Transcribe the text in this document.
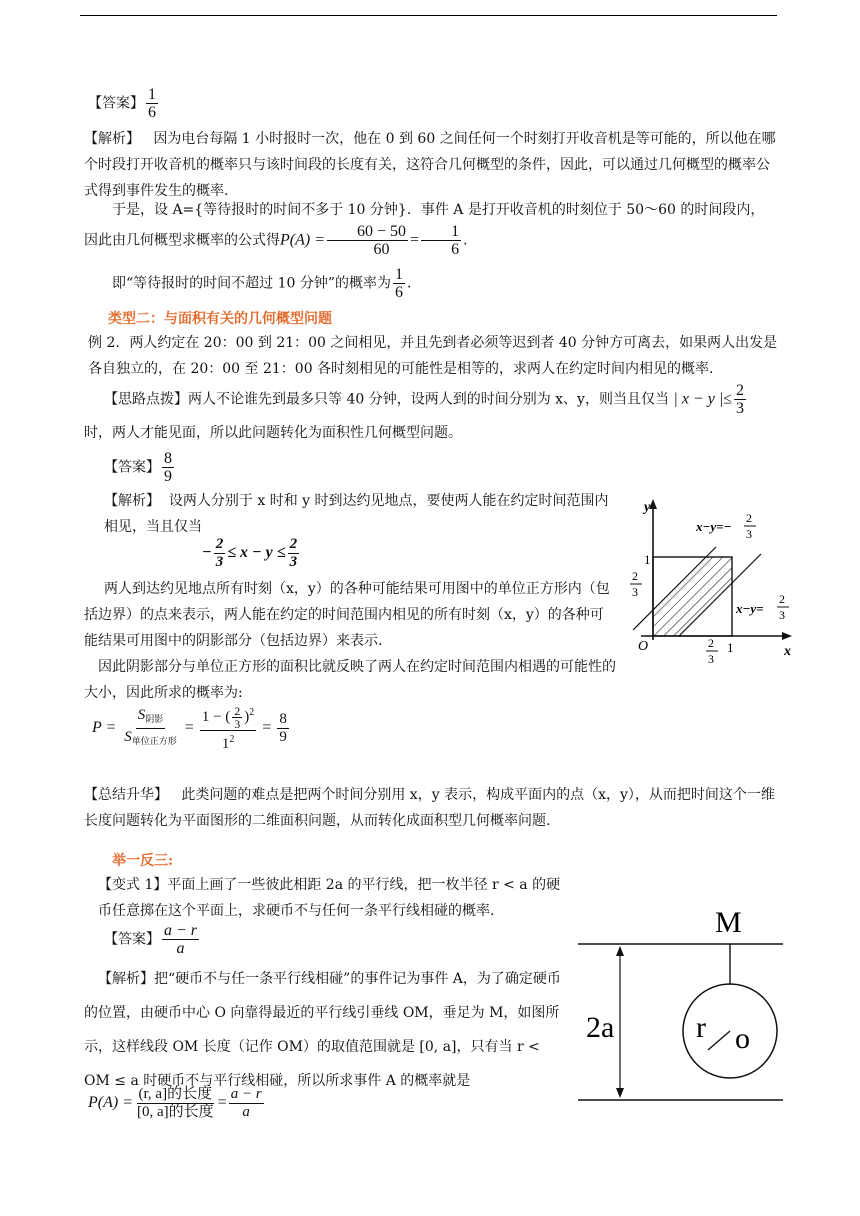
【答案】 $\frac{1}{6}$
【解析】 因为电台每隔 1 小时报时一次，他在 0 到 60 之间任何一个时刻打开收音机是等可能的，所以他在哪个时段打开收音机的概率只与该时间段的长度有关，这符合几何概型的条件，因此，可以通过几何概型的概率公式得到事件发生的概率.
于是，设 A={等待报时的时间不多于 10 分钟}．事件 A 是打开收音机的时刻位于 50～60 的时间段内，因此由几何概型求概率的公式得$P(A) = \frac{60 - 50}{60} = \frac{1}{6}$ .
即“等待报时的时间不超过 10 分钟”的概率为 $\frac{1}{6}$ .
类型二：与面积有关的几何概型问题
例 2．两人约定在 20：00 到 21：00 之间相见，并且先到者必须等迟到者 40 分钟方可离去，如果两人出发是各自独立的，在 20：00 至 21：00 各时刻相见的可能性是相等的，求两人在约定时间内相见的概率.
【思路点拨】两人不论谁先到最多只等 40 分钟，设两人到的时间分别为 x、y，则当且仅当 | x − y |≤ $\frac{2}{3}$
时，两人才能见面，所以此问题转化为面积性几何概型问题。
【答案】 $\frac{8}{9}$
【解析】 设两人分别于 x 时和 y 时到达约见地点，要使两人能在约定时间范围内相见，当且仅当
− $\frac{2}{3} \le x - y \le \frac{2}{3}$
两人到达约见地点所有时刻（x，y）的各种可能结果可用图中的单位正方形内（包括边界）的点来表示，两人能在约定的时间范围内相见的所有时刻（x，y）的各种可能结果可用图中的阴影部分（包括边界）来表示.
因此阴影部分与单位正方形的面积比就反映了两人在约定时间范围内相遇的可能性的大小，因此所求的概率为:
$P = \frac{S_{阴影}}{S_{单位正方形}} = \frac{1 - ( \frac{2}{3} )^2}{1^2} = \frac{8}{9}$
y
x
O
1
1
2
3
2
3
x−y=−
2
3
x−y=
2
3
【总结升华】 此类问题的难点是把两个时间分别用 x，y 表示，构成平面内的点（x，y），从而把时间这个一维长度问题转化为平面图形的二维面积问题，从而转化成面积型几何概率问题.
举一反三:
【变式 1】平面上画了一些彼此相距 2a 的平行线，把一枚半径 r < a 的硬币任意掷在这个平面上，求硬币不与任何一条平行线相碰的概率.
【答案】 $\frac{a - r}{a}$
【解析】把“硬币不与任一条平行线相碰”的事件记为事件 A，为了确定硬币的位置，由硬币中心 O 向靠得最近的平行线引垂线 OM，垂足为 M，如图所示，这样线段 OM 长度（记作 OM）的取值范围就是 [0, a]，只有当 r < OM ≤ a 时硬币不与平行线相碰，所以所求事件 A 的概率就是
$P(A) = \frac{\text{(r, a]的长度}}{\text{[0, a]的长度}} = \frac{a - r}{a}$
2a
M
r o
